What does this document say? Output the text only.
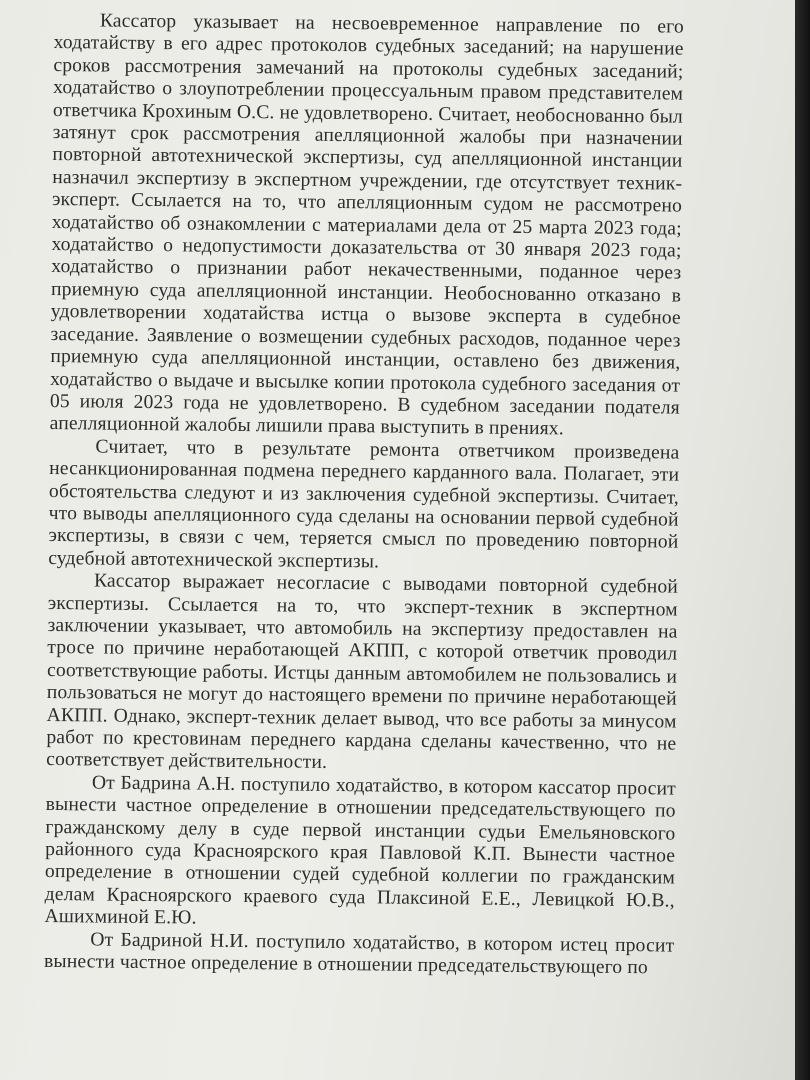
Кассатор указывает на несвоевременное направление по его ходатайству в его адрес протоколов судебных заседаний; на нарушение сроков рассмотрения замечаний на протоколы судебных заседаний; ходатайство о злоупотреблении процессуальным правом представителем ответчика Крохиным О.С. не удовлетворено. Считает, необоснованно был затянут срок рассмотрения апелляционной жалобы при назначении повторной автотехнической экспертизы, суд апелляционной инстанции назначил экспертизу в экспертном учреждении, где отсутствует техник-эксперт. Ссылается на то, что апелляционным судом не рассмотрено ходатайство об ознакомлении с материалами дела от 25 марта 2023 года; ходатайство о недопустимости доказательства от 30 января 2023 года; ходатайство о признании работ некачественными, поданное через приемную суда апелляционной инстанции. Необоснованно отказано в удовлетворении ходатайства истца о вызове эксперта в судебное заседание. Заявление о возмещении судебных расходов, поданное через приемную суда апелляционной инстанции, оставлено без движения, ходатайство о выдаче и высылке копии протокола судебного заседания от 05 июля 2023 года не удовлетворено. В судебном заседании подателя апелляционной жалобы лишили права выступить в прениях.

Считает, что в результате ремонта ответчиком произведена несанкционированная подмена переднего карданного вала. Полагает, эти обстоятельства следуют и из заключения судебной экспертизы. Считает, что выводы апелляционного суда сделаны на основании первой судебной экспертизы, в связи с чем, теряется смысл по проведению повторной судебной автотехнической экспертизы.

Кассатор выражает несогласие с выводами повторной судебной экспертизы. Ссылается на то, что эксперт-техник в экспертном заключении указывает, что автомобиль на экспертизу предоставлен на тросе по причине неработающей АКПП, с которой ответчик проводил соответствующие работы. Истцы данным автомобилем не пользовались и пользоваться не могут до настоящего времени по причине неработающей АКПП. Однако, эксперт-техник делает вывод, что все работы за минусом работ по крестовинам переднего кардана сделаны качественно, что не соответствует действительности.

От Бадрина А.Н. поступило ходатайство, в котором кассатор просит вынести частное определение в отношении председательствующего по гражданскому делу в суде первой инстанции судьи Емельяновского районного суда Красноярского края Павловой К.П. Вынести частное определение в отношении судей судебной коллегии по гражданским делам Красноярского краевого суда Плаксиной Е.Е., Левицкой Ю.В., Ашихминой Е.Ю.

От Бадриной Н.И. поступило ходатайство, в котором истец просит вынести частное определение в отношении председательствующего по
